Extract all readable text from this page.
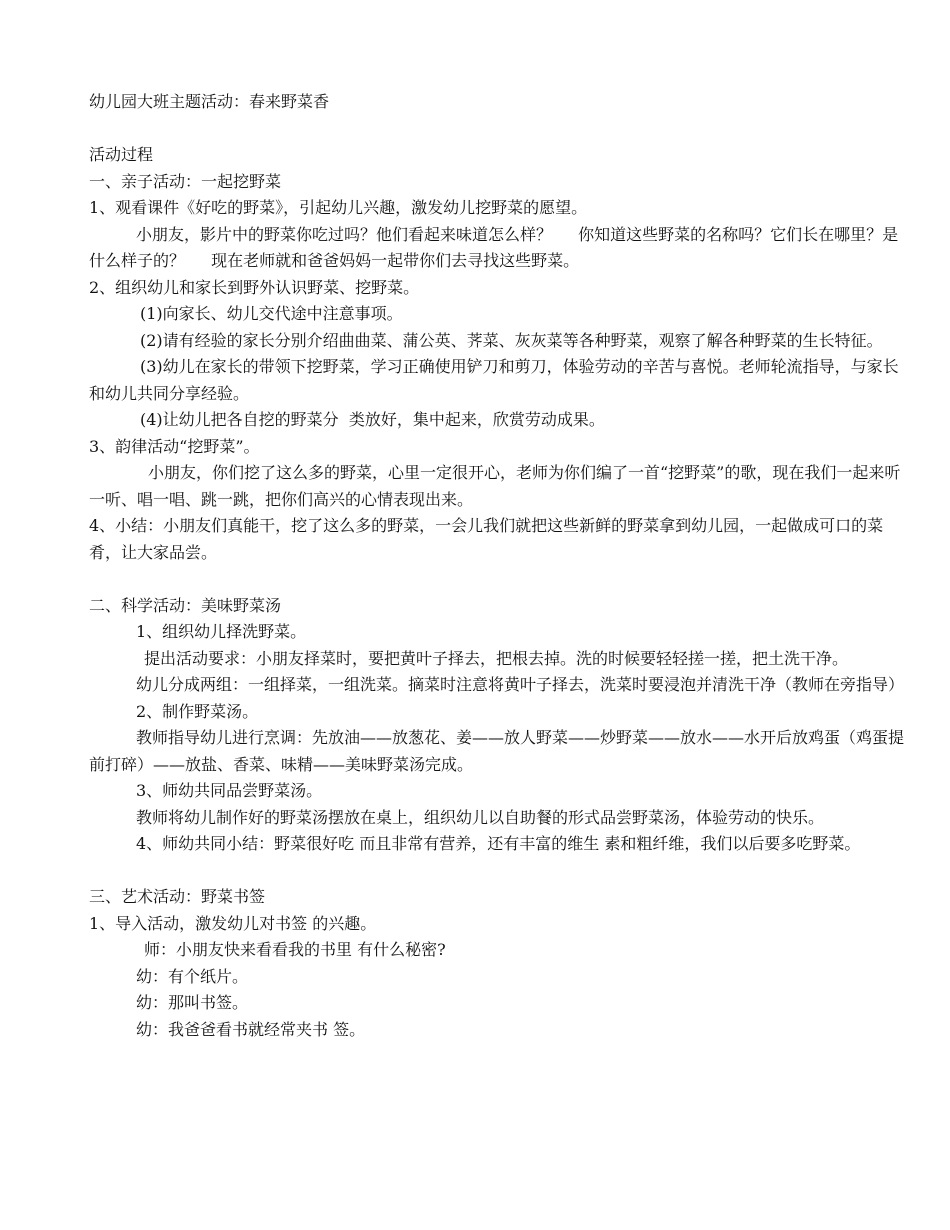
幼儿园大班主题活动：春来野菜香

活动过程

一、亲子活动：一起挖野菜

1、观看课件《好吃的野菜》，引起幼儿兴趣，激发幼儿挖野菜的愿望。

小朋友，影片中的野菜你吃过吗？他们看起来味道怎么样？　  你知道这些野菜的名称吗？它们长在哪里？是什么样子的？　  现在老师就和爸爸妈妈一起带你们去寻找这些野菜。

2、组织幼儿和家长到野外认识野菜、挖野菜。

(1)向家长、幼儿交代途中注意事项。

(2)请有经验的家长分别介绍曲曲菜、蒲公英、荠菜、灰灰菜等各种野菜，观察了解各种野菜的生长特征。

(3)幼儿在家长的带领下挖野菜，学习正确使用铲刀和剪刀，体验劳动的辛苦与喜悦。老师轮流指导，与家长和幼儿共同分享经验。

(4)让幼儿把各自挖的野菜分  类放好，集中起来，欣赏劳动成果。

3、韵律活动“挖野菜”。

小朋友，你们挖了这么多的野菜，心里一定很开心，老师为你们编了一首“挖野菜”的歌，现在我们一起来听一听、唱一唱、跳一跳，把你们高兴的心情表现出来。

4、小结：小朋友们真能干，挖了这么多的野菜，一会儿我们就把这些新鲜的野菜拿到幼儿园，一起做成可口的菜肴，让大家品尝。

二、科学活动：美味野菜汤

1、组织幼儿择洗野菜。

提出活动要求：小朋友择菜时，要把黄叶子择去，把根去掉。洗的时候要轻轻搓一搓，把土洗干净。

幼儿分成两组：一组择菜，一组洗菜。摘菜时注意将黄叶子择去，洗菜时要浸泡并清洗干净（教师在旁指导）

2、制作野菜汤。

教师指导幼儿进行烹调：先放油——放葱花、姜——放人野菜——炒野菜——放水——水开后放鸡蛋（鸡蛋提前打碎）——放盐、香菜、味精——美味野菜汤完成。

3、师幼共同品尝野菜汤。

教师将幼儿制作好的野菜汤摆放在桌上，组织幼儿以自助餐的形式品尝野菜汤，体验劳动的快乐。

4、师幼共同小结：野菜很好吃 而且非常有营养，还有丰富的维生 素和粗纤维，我们以后要多吃野菜。

三、艺术活动：野菜书签

1、导入活动，激发幼儿对书签 的兴趣。

师：小朋友快来看看我的书里 有什么秘密?

幼：有个纸片。

幼：那叫书签。

幼：我爸爸看书就经常夹书 签。
